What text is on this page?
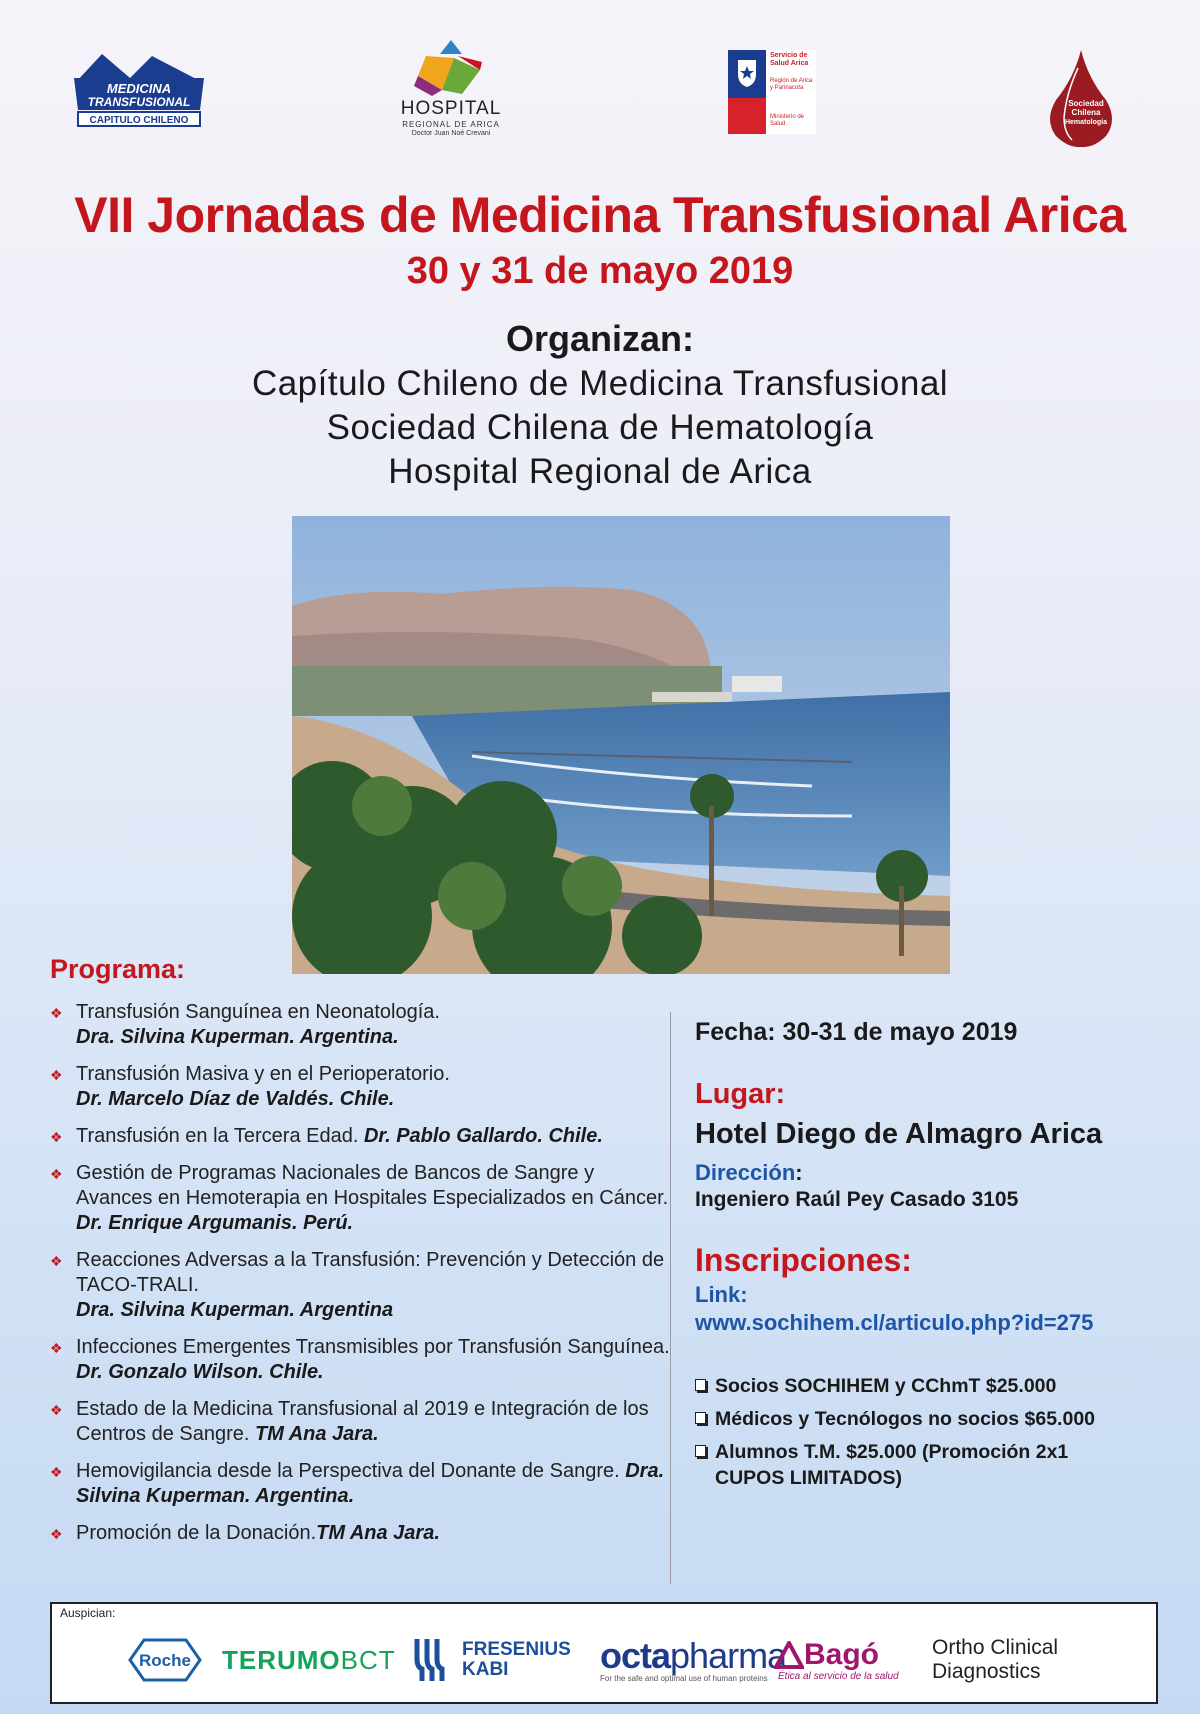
MEDICINA
TRANSFUSIONAL
CAPITULO CHILENO
HOSPITAL
REGIONAL DE ARICA
Doctor Juan Noé Crevani
Servicio de Salud Arica
Región de Arica y Parinacota
Ministerio de Salud
Sociedad
Chilena
Hematología
VII Jornadas de Medicina Transfusional Arica
30 y 31 de mayo 2019
Organizan:
Capítulo Chileno de Medicina Transfusional
Sociedad Chilena de Hematología
Hospital Regional de Arica
Programa:
❖ Transfusión Sanguínea en Neonatología.
Dra. Silvina Kuperman. Argentina.
❖ Transfusión Masiva y en el Perioperatorio.
Dr. Marcelo Díaz de Valdés. Chile.
❖ Transfusión en la Tercera Edad. Dr. Pablo Gallardo. Chile.
❖ Gestión de Programas Nacionales de Bancos de Sangre y Avances en Hemoterapia en Hospitales Especializados en Cáncer. Dr. Enrique Argumanis. Perú.
❖ Reacciones Adversas a la Transfusión: Prevención y Detección de TACO-TRALI.
Dra. Silvina Kuperman. Argentina
❖ Infecciones Emergentes Transmisibles por Transfusión Sanguínea. Dr. Gonzalo Wilson. Chile.
❖ Estado de la Medicina Transfusional al 2019 e Integración de los Centros de Sangre. TM Ana Jara.
❖ Hemovigilancia desde la Perspectiva del Donante de Sangre. Dra. Silvina Kuperman. Argentina.
❖ Promoción de la Donación.TM Ana Jara.
Fecha: 30-31 de mayo 2019
Lugar:
Hotel Diego de Almagro Arica
Dirección:
Ingeniero Raúl Pey Casado 3105
Inscripciones:
Link:
www.sochihem.cl/articulo.php?id=275
Socios SOCHIHEM y CChmT $25.000
Médicos y Tecnólogos no socios $65.000
Alumnos T.M. $25.000 (Promoción 2x1
CUPOS LIMITADOS)
Auspician:
Roche TERUMO BCT	FRESENIUS
KABI	octapharma
For the safe and optimal use of human proteins
Bagó
Ética al servicio de la salud
Ortho Clinical Diagnostics
